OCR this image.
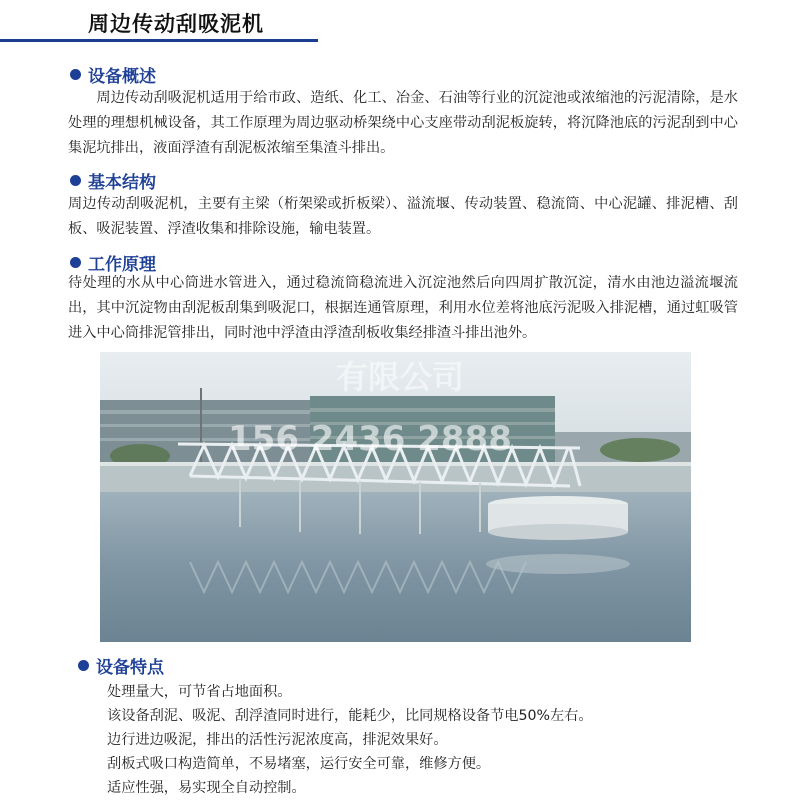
周边传动刮吸泥机
设备概述
周边传动刮吸泥机适用于给市政、造纸、化工、冶金、石油等行业的沉淀池或浓缩池的污泥清除，是水处理的理想机械设备，其工作原理为周边驱动桥架绕中心支座带动刮泥板旋转，将沉降池底的污泥刮到中心集泥坑排出，液面浮渣有刮泥板浓缩至集渣斗排出。
基本结构
周边传动刮吸泥机，主要有主梁（桁架梁或折板梁）、溢流堰、传动装置、稳流筒、中心泥罐、排泥槽、刮板、吸泥装置、浮渣收集和排除设施，输电装置。
工作原理
待处理的水从中心筒进水管进入，通过稳流筒稳流进入沉淀池然后向四周扩散沉淀，清水由池边溢流堰流出，其中沉淀物由刮泥板刮集到吸泥口，根据连通管原理，利用水位差将池底污泥吸入排泥槽，通过虹吸管进入中心筒排泥管排出，同时池中浮渣由浮渣刮板收集经排渣斗排出池外。
有限公司
156 2436 2888
设备特点
处理量大，可节省占地面积。
该设备刮泥、吸泥、刮浮渣同时进行，能耗少，比同规格设备节电50%左右。
边行进边吸泥，排出的活性污泥浓度高，排泥效果好。
刮板式吸口构造简单，不易堵塞，运行安全可靠，维修方便。
适应性强，易实现全自动控制。
